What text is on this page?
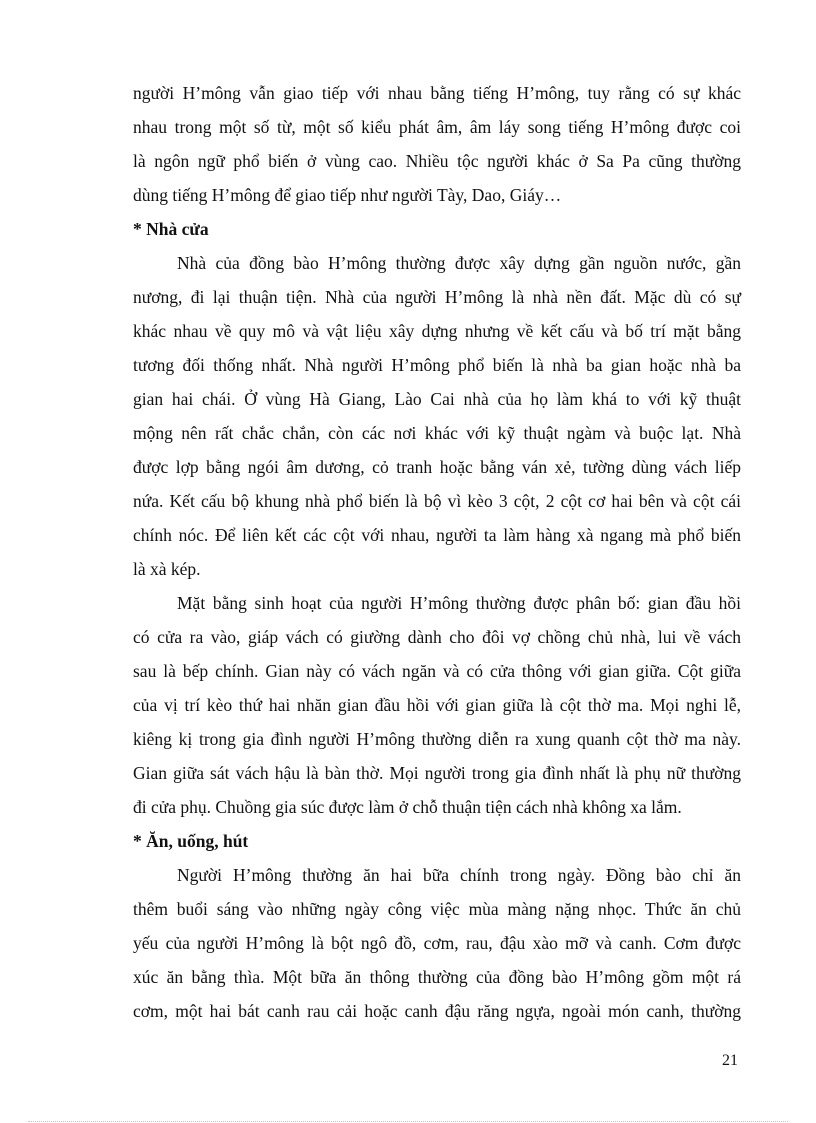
người H’mông vẫn giao tiếp với nhau bằng tiếng H’mông, tuy rằng có sự khác
nhau trong một số từ, một số kiểu phát âm, âm láy song tiếng H’mông được coi
là ngôn ngữ phổ biến ở vùng cao. Nhiều tộc người khác ở Sa Pa cũng thường
dùng tiếng H’mông để giao tiếp như người Tày, Dao, Giáy…
* Nhà cửa
Nhà của đồng bào H’mông thường được xây dựng gần nguồn nước, gần
nương, đi lại thuận tiện. Nhà của người H’mông là nhà nền đất. Mặc dù có sự
khác nhau về quy mô và vật liệu xây dựng nhưng về kết cấu và bố trí mặt bằng
tương đối thống nhất. Nhà người H’mông phổ biến là nhà ba gian hoặc nhà ba
gian hai chái. Ở vùng Hà Giang, Lào Cai nhà của họ làm khá to với kỹ thuật
mộng nên rất chắc chắn, còn các nơi khác với kỹ thuật ngàm và buộc lạt. Nhà
được lợp bằng ngói âm dương, cỏ tranh hoặc bằng ván xẻ, tường dùng vách liếp
nứa. Kết cấu bộ khung nhà phổ biến là bộ vì kèo 3 cột, 2 cột cơ hai bên và cột cái
chính nóc. Để liên kết các cột với nhau, người ta làm hàng xà ngang mà phổ biến
là xà kép.
Mặt bằng sinh hoạt của người H’mông thường được phân bố: gian đầu hồi
có cửa ra vào, giáp vách có giường dành cho đôi vợ chồng chủ nhà, lui về vách
sau là bếp chính. Gian này có vách ngăn và có cửa thông với gian giữa. Cột giữa
của vị trí kèo thứ hai nhăn gian đầu hồi với gian giữa là cột thờ ma. Mọi nghi lễ,
kiêng kị trong gia đình người H’mông thường diễn ra xung quanh cột thờ ma này.
Gian giữa sát vách hậu là bàn thờ. Mọi người trong gia đình nhất là phụ nữ thường
đi cửa phụ. Chuồng gia súc được làm ở chỗ thuận tiện cách nhà không xa lắm.
* Ăn, uống, hút
Người H’mông thường ăn hai bữa chính trong ngày. Đồng bào chỉ ăn
thêm buổi sáng vào những ngày công việc mùa màng nặng nhọc. Thức ăn chủ
yếu của người H’mông là bột ngô đồ, cơm, rau, đậu xào mỡ và canh. Cơm được
xúc ăn bằng thìa. Một bữa ăn thông thường của đồng bào H’mông gồm một rá
cơm, một hai bát canh rau cải hoặc canh đậu răng ngựa, ngoài món canh, thường
21
